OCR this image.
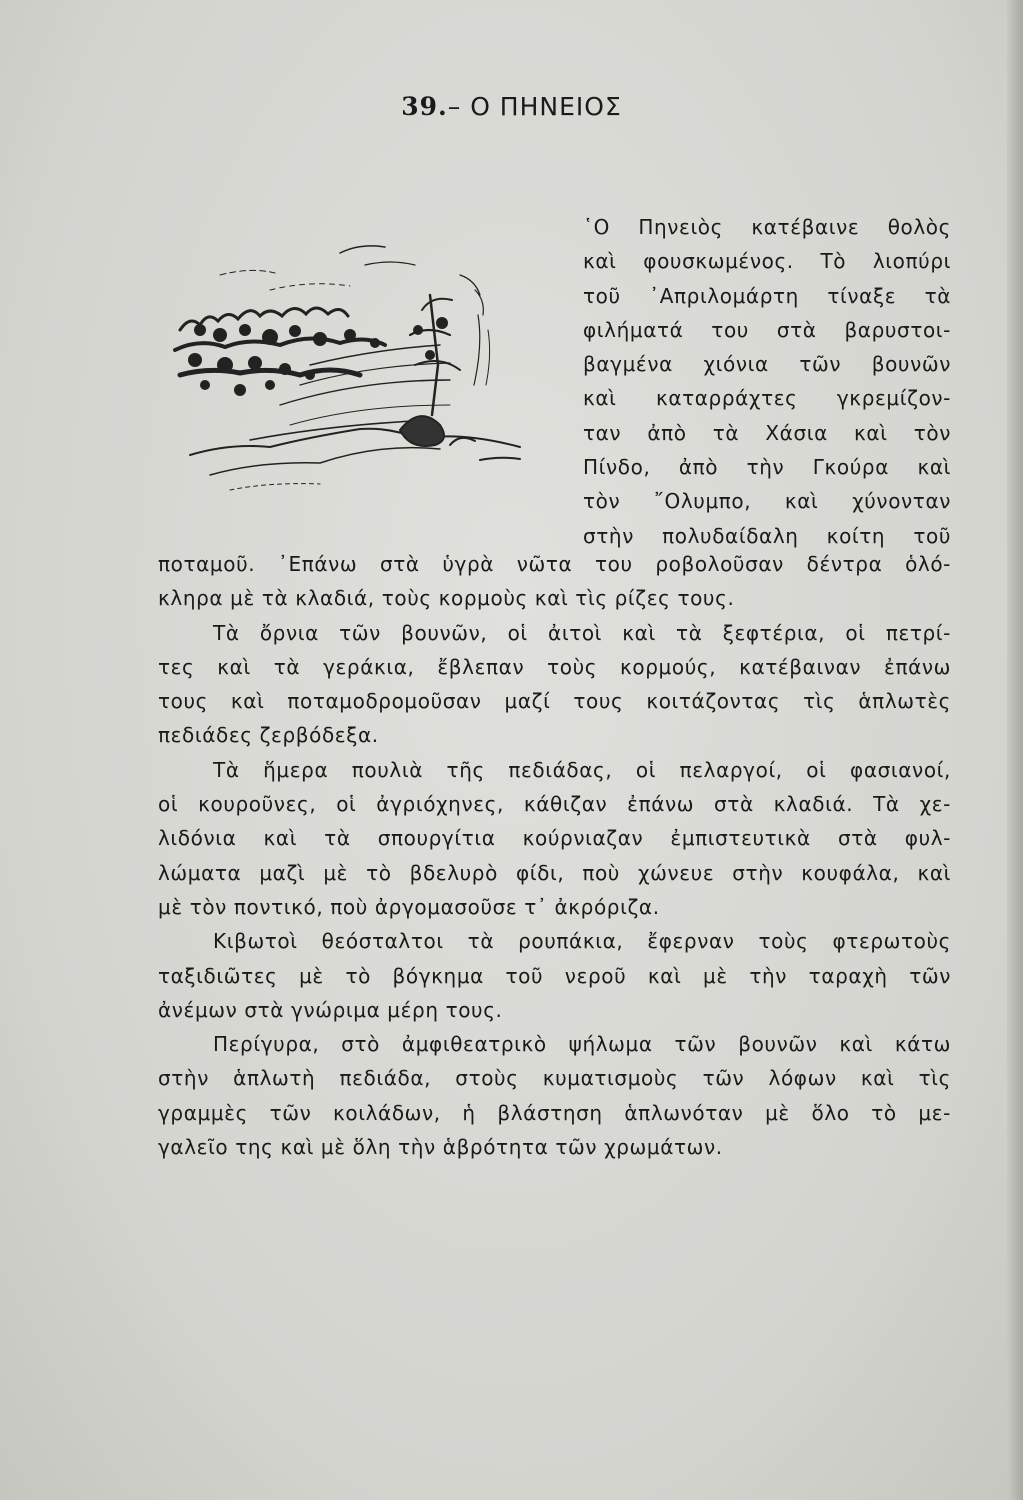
39.– Ο ΠΗΝΕΙΟΣ
῾Ο Πηνειὸς κατέβαινε θολὸς
καὶ φουσκωμένος. Τὸ λιοπύρι
τοῦ ᾿Απριλομάρτη τίναξε τὰ
φιλήματά του στὰ βαρυστοι-
βαγμένα χιόνια τῶν βουνῶν
καὶ καταρράχτες γκρεμίζον-
ταν ἀπὸ τὰ Χάσια καὶ τὸν
Πίνδο, ἀπὸ τὴν Γκούρα καὶ
τὸν ῎Ολυμπο, καὶ χύνονταν
στὴν πολυδαίδαλη κοίτη τοῦ
ποταμοῦ. ᾿Επάνω στὰ ὑγρὰ νῶτα του ροβολοῦσαν δέντρα ὁλό-
κληρα μὲ τὰ κλαδιά, τοὺς κορμοὺς καὶ τὶς ρίζες τους.
Τὰ ὄρνια τῶν βουνῶν, οἱ ἀιτοὶ καὶ τὰ ξεφτέρια, οἱ πετρί-
τες καὶ τὰ γεράκια, ἔβλεπαν τοὺς κορμούς, κατέβαιναν ἐπάνω
τους καὶ ποταμοδρομοῦσαν μαζί τους κοιτάζοντας τὶς ἁπλωτὲς
πεδιάδες ζερβόδεξα.
Τὰ ἥμερα πουλιὰ τῆς πεδιάδας, οἱ πελαργοί, οἱ φασιανοί,
οἱ κουροῦνες, οἱ ἀγριόχηνες, κάθιζαν ἐπάνω στὰ κλαδιά. Τὰ χε-
λιδόνια καὶ τὰ σπουργίτια κούρνιαζαν ἐμπιστευτικὰ στὰ φυλ-
λώματα μαζὶ μὲ τὸ βδελυρὸ φίδι, ποὺ χώνευε στὴν κουφάλα, καὶ
μὲ τὸν ποντικό, ποὺ ἀργομασοῦσε τ᾿ ἀκρόριζα.
Κιβωτοὶ θεόσταλτοι τὰ ρουπάκια, ἔφερναν τοὺς φτερωτοὺς
ταξιδιῶτες μὲ τὸ βόγκημα τοῦ νεροῦ καὶ μὲ τὴν ταραχὴ τῶν
ἀνέμων στὰ γνώριμα μέρη τους.
Περίγυρα, στὸ ἀμφιθεατρικὸ ψήλωμα τῶν βουνῶν καὶ κάτω
στὴν ἁπλωτὴ πεδιάδα, στοὺς κυματισμοὺς τῶν λόφων καὶ τὶς
γραμμὲς τῶν κοιλάδων, ἡ βλάστηση ἁπλωνόταν μὲ ὅλο τὸ με-
γαλεῖο της καὶ μὲ ὅλη τὴν ἁβρότητα τῶν χρωμάτων.
